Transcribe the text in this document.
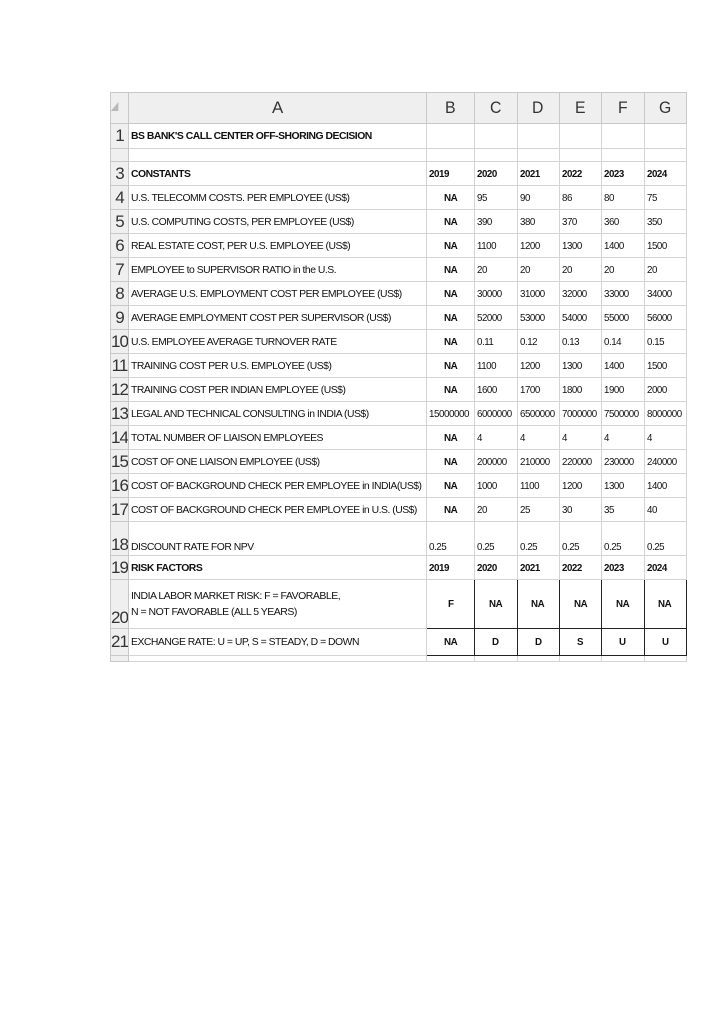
	A	B	C	D	E	F	G
1	BS BANK'S CALL CENTER OFF-SHORING DECISION						

3	CONSTANTS	2019	2020	2021	2022	2023	2024
4	U.S. TELECOMM COSTS. PER EMPLOYEE (US$)	NA	95	90	86	80	75
5	U.S. COMPUTING COSTS, PER EMPLOYEE (US$)	NA	390	380	370	360	350
6	REAL ESTATE COST, PER U.S. EMPLOYEE (US$)	NA	1100	1200	1300	1400	1500
7	EMPLOYEE to SUPERVISOR RATIO in the U.S.	NA	20	20	20	20	20
8	AVERAGE U.S. EMPLOYMENT COST PER EMPLOYEE (US$)	NA	30000	31000	32000	33000	34000
9	AVERAGE EMPLOYMENT COST PER SUPERVISOR (US$)	NA	52000	53000	54000	55000	56000
10	U.S. EMPLOYEE AVERAGE TURNOVER RATE	NA	0.11	0.12	0.13	0.14	0.15
11	TRAINING COST PER U.S. EMPLOYEE (US$)	NA	1100	1200	1300	1400	1500
12	TRAINING COST PER INDIAN EMPLOYEE (US$)	NA	1600	1700	1800	1900	2000
13	LEGAL AND TECHNICAL CONSULTING in INDIA (US$)	15000000	6000000	6500000	7000000	7500000	8000000
14	TOTAL NUMBER OF LIAISON EMPLOYEES	NA	4	4	4	4	4
15	COST OF ONE LIAISON EMPLOYEE (US$)	NA	200000	210000	220000	230000	240000
16	COST OF BACKGROUND CHECK PER EMPLOYEE in INDIA(US$)	NA	1000	1100	1200	1300	1400
17	COST OF BACKGROUND CHECK PER EMPLOYEE in U.S. (US$)	NA	20	25	30	35	40
18	DISCOUNT RATE FOR NPV	0.25	0.25	0.25	0.25	0.25	0.25
19	RISK FACTORS	2019	2020	2021	2022	2023	2024
20	INDIA LABOR MARKET RISK: F = FAVORABLE,
N = NOT FAVORABLE (ALL 5 YEARS)	F	NA	NA	NA	NA	NA
21	EXCHANGE RATE: U = UP, S = STEADY, D = DOWN	NA	D	D	S	U	U
